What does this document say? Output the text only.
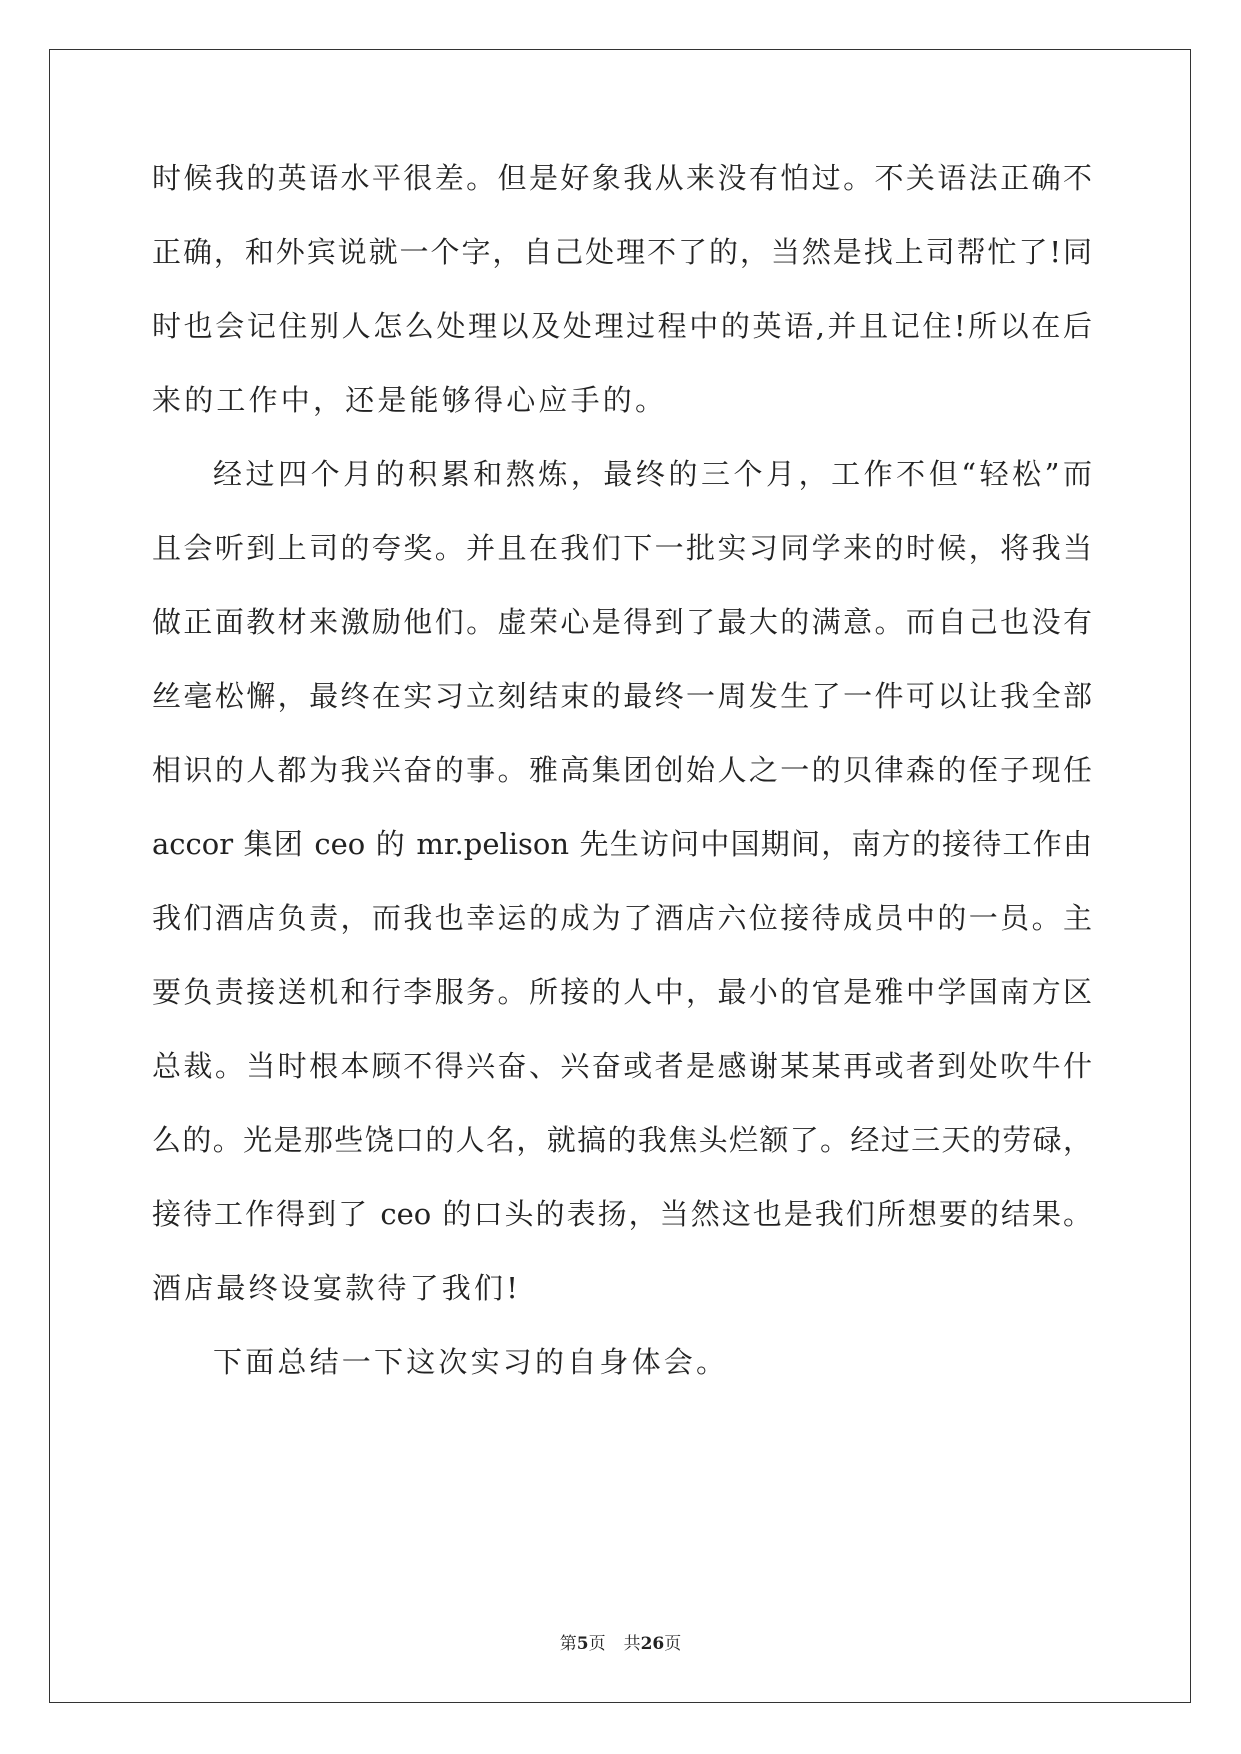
时候我的英语水平很差。但是好象我从来没有怕过。不关语法正确不
正确，和外宾说就一个字，自己处理不了的，当然是找上司帮忙了!同
时也会记住别人怎么处理以及处理过程中的英语,并且记住!所以在后
来的工作中，还是能够得心应手的。
经过四个月的积累和熬炼，最终的三个月，工作不但“轻松”而
且会听到上司的夸奖。并且在我们下一批实习同学来的时候，将我当
做正面教材来激励他们。虚荣心是得到了最大的满意。而自己也没有
丝毫松懈，最终在实习立刻结束的最终一周发生了一件可以让我全部
相识的人都为我兴奋的事。雅高集团创始人之一的贝律森的侄子现任
accor 集团 ceo 的 mr.pelison 先生访问中国期间，南方的接待工作由
我们酒店负责，而我也幸运的成为了酒店六位接待成员中的一员。主
要负责接送机和行李服务。所接的人中，最小的官是雅中学国南方区
总裁。当时根本顾不得兴奋、兴奋或者是感谢某某再或者到处吹牛什
么的。光是那些饶口的人名，就搞的我焦头烂额了。经过三天的劳碌，
接待工作得到了 ceo 的口头的表扬，当然这也是我们所想要的结果。
酒店最终设宴款待了我们!
下面总结一下这次实习的自身体会。
第5页 共26页
